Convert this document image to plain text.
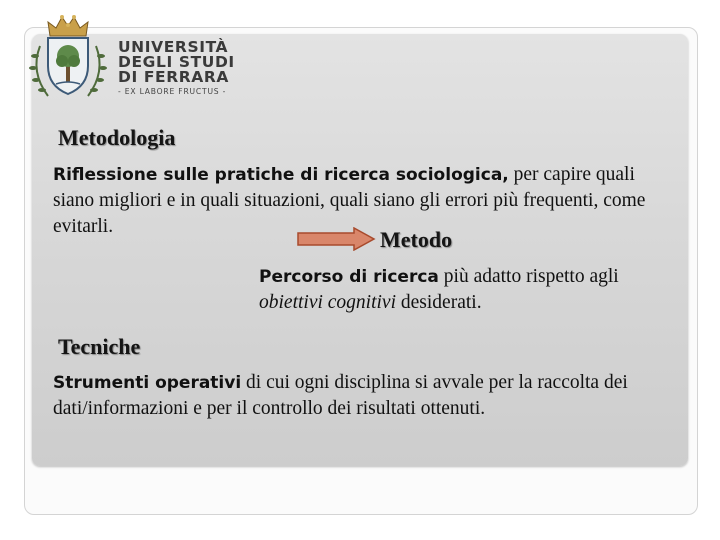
UNIVERSITÀ
DEGLI STUDI
DI FERRARA
- EX LABORE FRUCTUS -
Metodologia
Riflessione sulle pratiche di ricerca sociologica, per capire quali siano migliori e in quali situazioni, quali siano gli errori più frequenti, come evitarli.
Metodo
Percorso di ricerca più adatto rispetto agli obiettivi cognitivi desiderati.
Tecniche
Strumenti operativi di cui ogni disciplina si avvale per la raccolta dei dati/informazioni e per il controllo dei risultati ottenuti.
